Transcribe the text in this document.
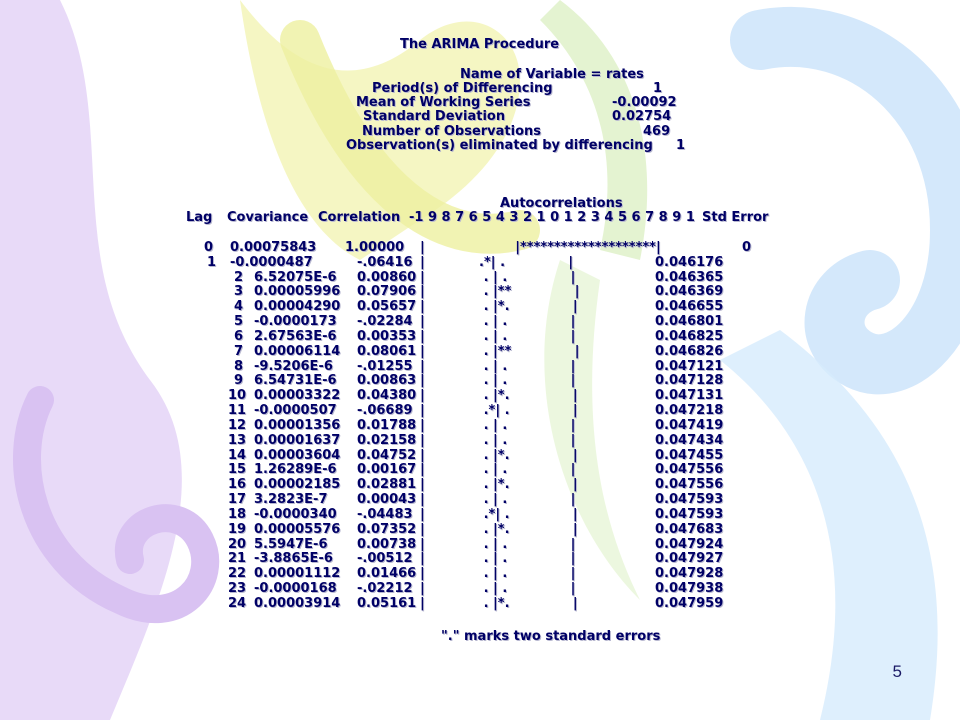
The ARIMA Procedure

Name of Variable = rates

Period(s) of Differencing	1
Mean of Working Series	-0.00092
Standard Deviation	0.02754
Number of Observations	469
Observation(s) eliminated by differencing 1

Autocorrelations

Lag Covariance Correlation -1 9 8 7 6 5 4 3 2 1 0 1 2 3 4 5 6 7 8 9 1 Std Error
0 0.00075843 1.00000 |                    |********************|	0
1 -0.0000487	-.06416 |            .*| .              |	0.046176
2 6.52075E-6 0.00860 |             . | .              |	0.046365
3 0.00005996 0.07906 |             . |**              |	0.046369
4 0.00004290 0.05657 |             . |*.              |	0.046655
5 -0.0000173 -.02284 |             . | .              |	0.046801
6 2.67563E-6 0.00353 |             . | .              |	0.046825
7 0.00006114 0.08061 |             . |**              |	0.046826
8 -9.5206E-6 -.01255 |             . | .              |	0.047121
9 6.54731E-6 0.00863 |             . | .              |	0.047128
10 0.00003322 0.04380 |             . |*.              |	0.047131
11 -0.0000507 -.06689 |             .*| .              |	0.047218
12 0.00001356 0.01788 |             . | .              |	0.047419
13 0.00001637 0.02158 |             . | .              |	0.047434
14 0.00003604 0.04752 |             . |*.              |	0.047455
15 1.26289E-6 0.00167 |             . | .              |	0.047556
16 0.00002185 0.02881 |             . |*.              |	0.047556
17 3.2823E-7 0.00043 |             . | .              |	0.047593
18 -0.0000340 -.04483 |             .*| .              |	0.047593
19 0.00005576 0.07352 |             . |*.              |	0.047683
20 5.5947E-6 0.00738 |             . | .              |	0.047924
21 -3.8865E-6 -.00512 |             . | .              |	0.047927
22 0.00001112 0.01466 |             . | .              |	0.047928
23 -0.0000168 -.02212 |             . | .              |	0.047938
24 0.00003914 0.05161 |             . |*.              |	0.047959

"." marks two standard errors

5
